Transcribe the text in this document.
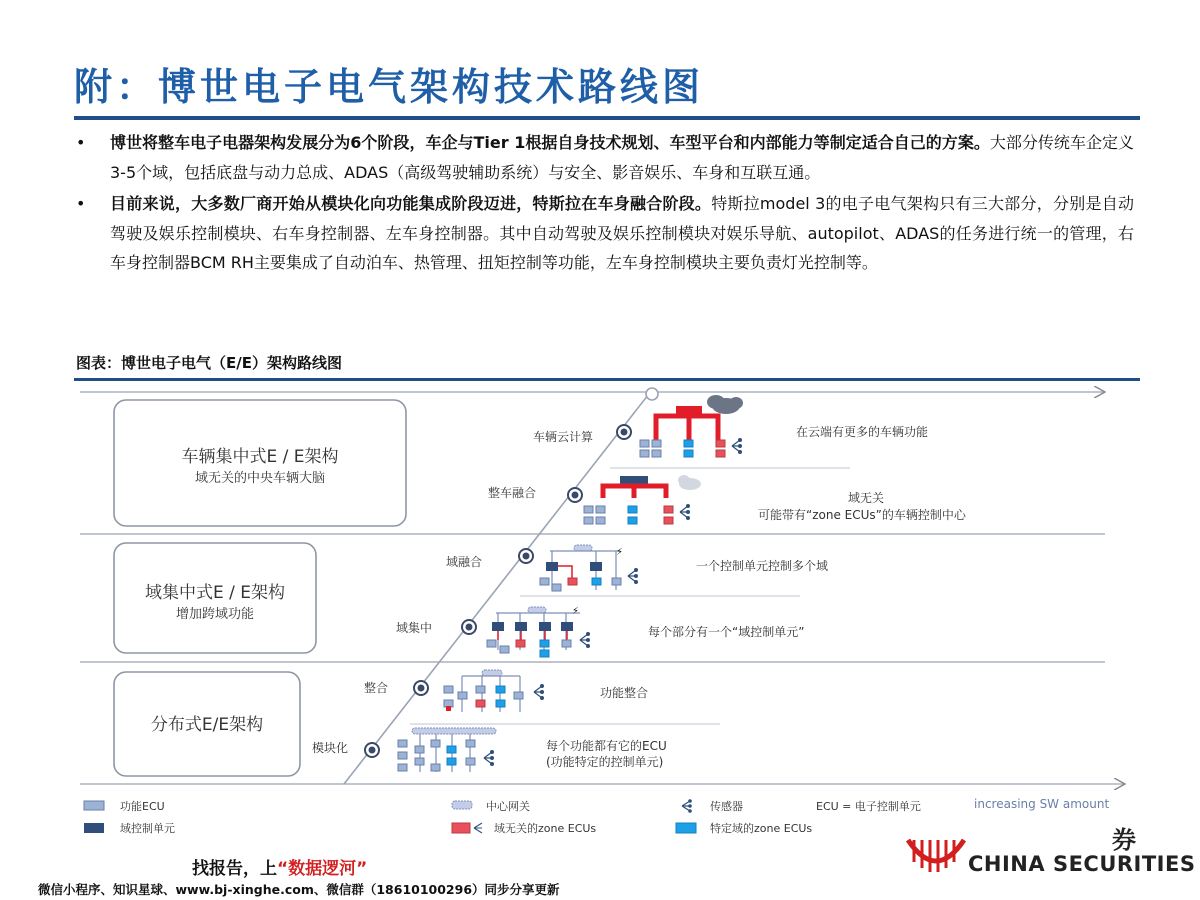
附：博世电子电气架构技术路线图
• 博世将整车电子电器架构发展分为6个阶段，车企与Tier 1根据自身技术规划、车型平台和内部能力等制定适合自己的方案。大部分传统车企定义3-5个域，包括底盘与动力总成、ADAS（高级驾驶辅助系统）与安全、影音娱乐、车身和互联互通。
• 目前来说，大多数厂商开始从模块化向功能集成阶段迈进，特斯拉在车身融合阶段。特斯拉model 3的电子电气架构只有三大部分，分别是自动驾驶及娱乐控制模块、右车身控制器、左车身控制器。其中自动驾驶及娱乐控制模块对娱乐导航、autopilot、ADAS的任务进行统一的管理，右车身控制器BCM RH主要集成了自动泊车、热管理、扭矩控制等功能，左车身控制模块主要负责灯光控制等。
图表：博世电子电气（E/E）架构路线图
车辆集中式E / E架构
域无关的中央车辆大脑
域集中式E / E架构
增加跨域功能
分布式E/E架构
模块化
整合
域集中
域融合
整车融合
车辆云计算
每个功能都有它的ECU
(功能特定的控制单元)
功能整合
每个部分有一个“域控制单元”
一个控制单元控制多个域
域无关
可能带有“zone ECUs”的车辆控制中心
在云端有更多的车辆功能
⚡
⚡
increasing SW amount
功能ECU
域控制单元
中心网关
域无关的zone ECUs
传感器
特定域的zone ECUs
ECU = 电子控制单元
找报告，上“数据逻河”
微信小程序、知识星球、www.bj-xinghe.com、微信群（18610100296）同步分享更新
券
CHINA SECURITIES
